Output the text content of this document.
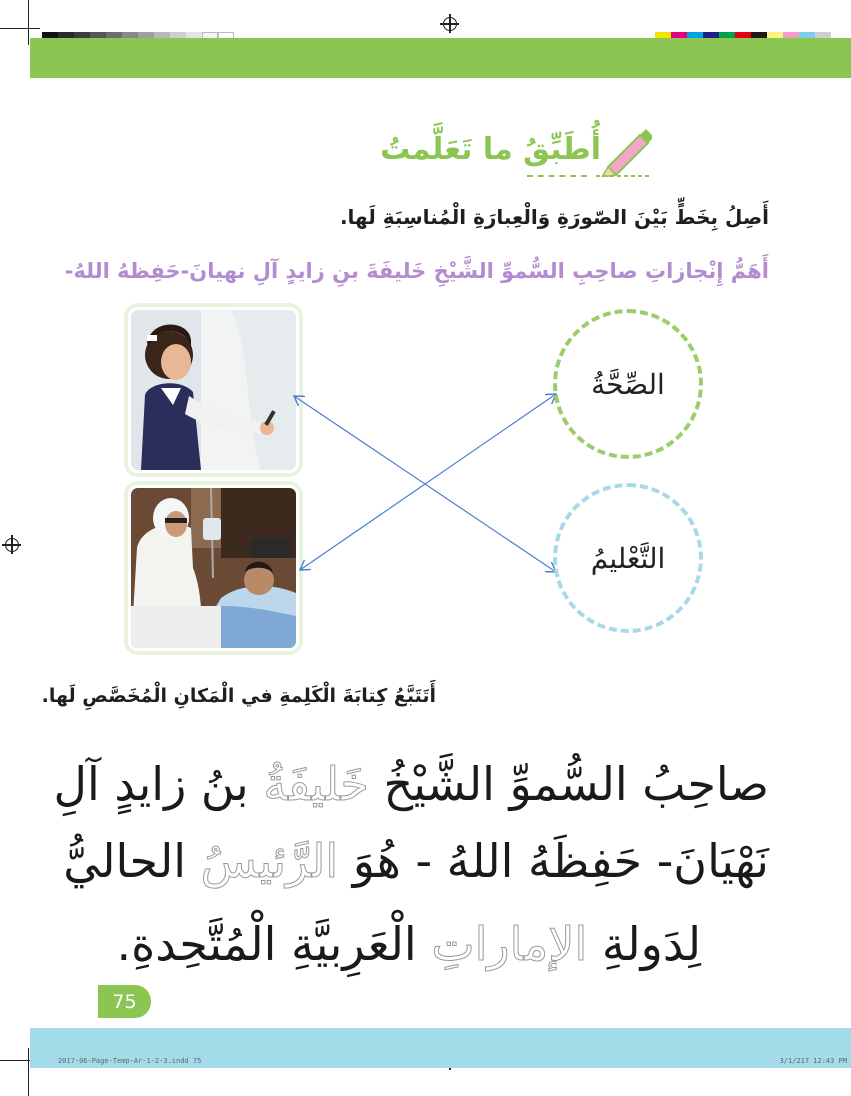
أُطَبِّقُ ما تَعَلَّمتُ
أَصِلُ بِخَطٍّ بَيْنَ الصّورَةِ وَالْعِبارَةِ الْمُناسِبَةِ لَها.
أَهَمُّ إِنْجازاتِ صاحِبِ السُّموِّ الشَّيْخِ خَليفَةَ بنِ زايدٍ آلِ نهيانَ-حَفِظهُ اللهُ-
الصِّحَّةُ
التَّعْليمُ
أَتَتَبَّعُ كِتابَةَ الْكَلِمةِ في الْمَكانِ الْمُخَصَّصِ لَها.
صاحِبُ السُّموِّ الشَّيْخُ خَليفَةُ بنُ زايدٍ آلِ
نَهْيَانَ- حَفِظَهُ اللهُ - هُوَ الرَّئيسُ الحاليُّ
لِدَولةِ الإماراتِ الْعَرِبيَّةِ الْمُتَّحِدةِ.
75
2017-06-Page-Temp-Ar-1-2-3.indd 75	3/1/217 12:43 PM
